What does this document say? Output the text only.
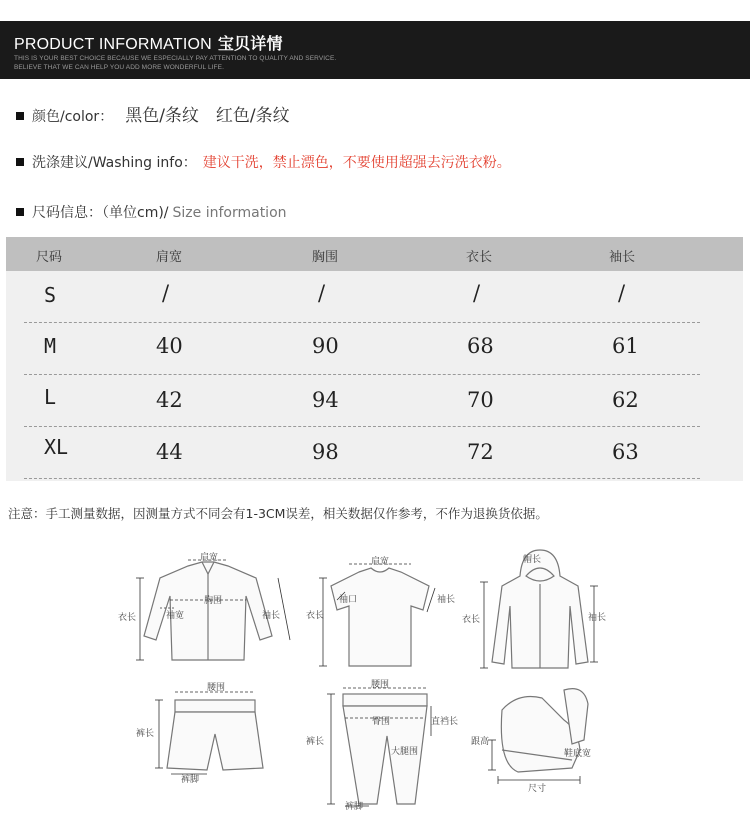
PRODUCT INFORMATION 宝贝详情
THIS IS YOUR BEST CHOICE BECAUSE WE ESPECIALLY PAY ATTENTION TO QUALITY AND SERVICE.
BELIEVE THAT WE CAN HELP YOU ADD MORE WONDERFUL LIFE.
颜色/color： 黑色/条纹　红色/条纹
洗涤建议/Washing info： 建议干洗，禁止漂色，不要使用超强去污洗衣粉。
尺码信息：（单位cm)/ Size information
尺码	肩宽	胸围	衣长	袖长
S	/	/	/	/
M	40	90	68	61
L	42	94	70	62
XL	44	98	72	63
注意：手工测量数据，因测量方式不同会有1-3CM误差，相关数据仅作参考，不作为退换货依据。
肩宽
胸围
衣长	袖宽	袖长
肩宽
袖口
衣长
袖长
帽长
衣长	袖长
腰围
裤长
裤脚
腰围
臀围	直裆长
裤长
大腿围
裤脚
跟高
鞋底宽
尺寸
